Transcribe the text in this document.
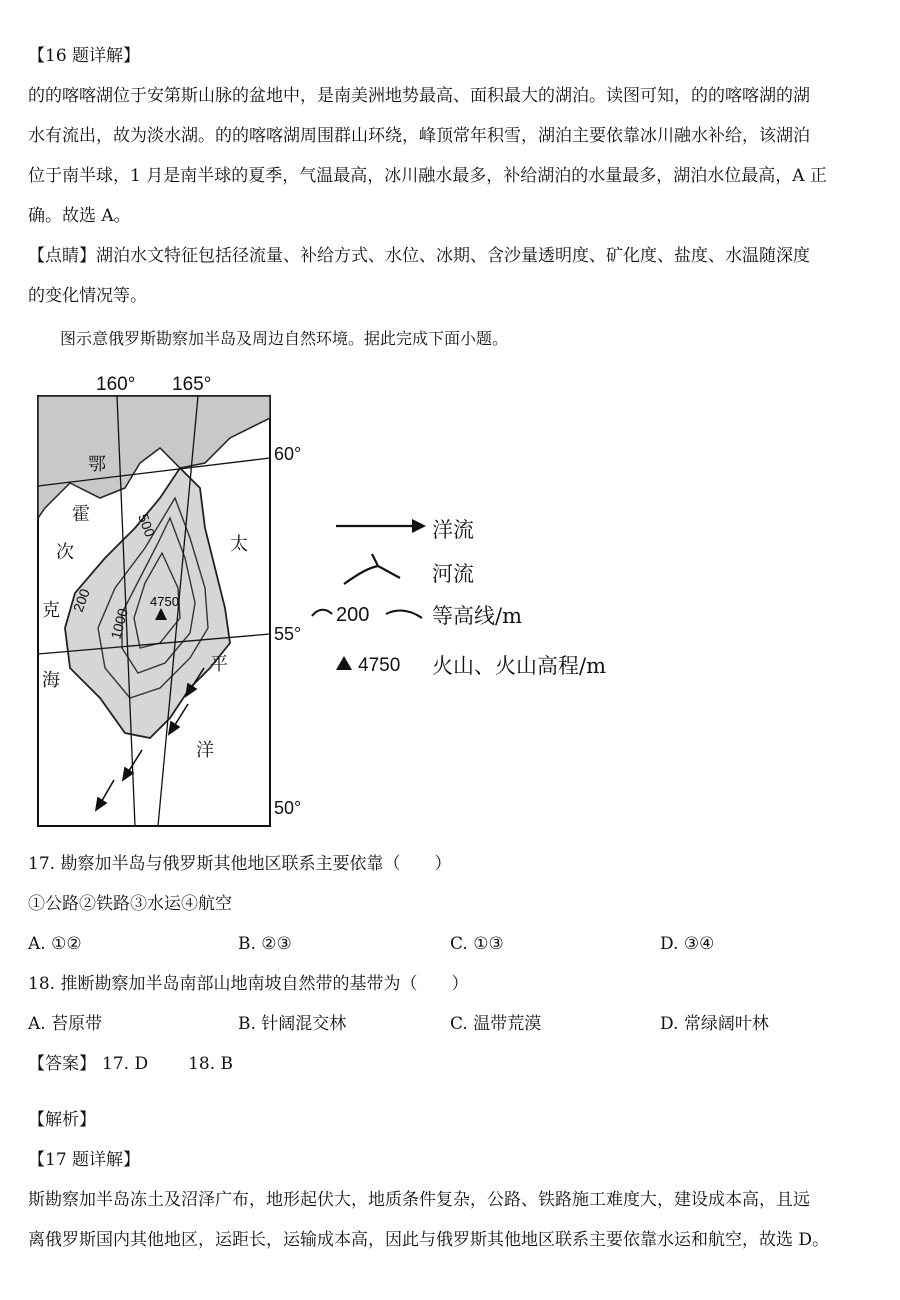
【16 题详解】
的的喀喀湖位于安第斯山脉的盆地中，是南美洲地势最高、面积最大的湖泊。读图可知，的的喀喀湖的湖
水有流出，故为淡水湖。的的喀喀湖周围群山环绕，峰顶常年积雪，湖泊主要依靠冰川融水补给，该湖泊
位于南半球，1 月是南半球的夏季，气温最高，冰川融水最多，补给湖泊的水量最多，湖泊水位最高，A 正
确。故选 A。
【点睛】湖泊水文特征包括径流量、补给方式、水位、冰期、含沙量透明度、矿化度、盐度、水温随深度
的变化情况等。
图示意俄罗斯勘察加半岛及周边自然环境。据此完成下面小题。
160° 165°
4750
500
200
1000
鄂
霍
次
克
海
太
平
洋
60°
55°
50°
洋流
河流
200	等高线/m
4750 火山、火山高程/m
17. 勘察加半岛与俄罗斯其他地区联系主要依靠（　　）
①公路②铁路③水运④航空
A. ①②	B. ②③	C. ①③	D. ③④
18. 推断勘察加半岛南部山地南坡自然带的基带为（　　）
A. 苔原带	B. 针阔混交林	C. 温带荒漠	D. 常绿阔叶林
【答案】 17. D 18. B
【解析】
【17 题详解】
斯勘察加半岛冻土及沼泽广布，地形起伏大，地质条件复杂，公路、铁路施工难度大，建设成本高，且远
离俄罗斯国内其他地区，运距长，运输成本高，因此与俄罗斯其他地区联系主要依靠水运和航空，故选 D。
